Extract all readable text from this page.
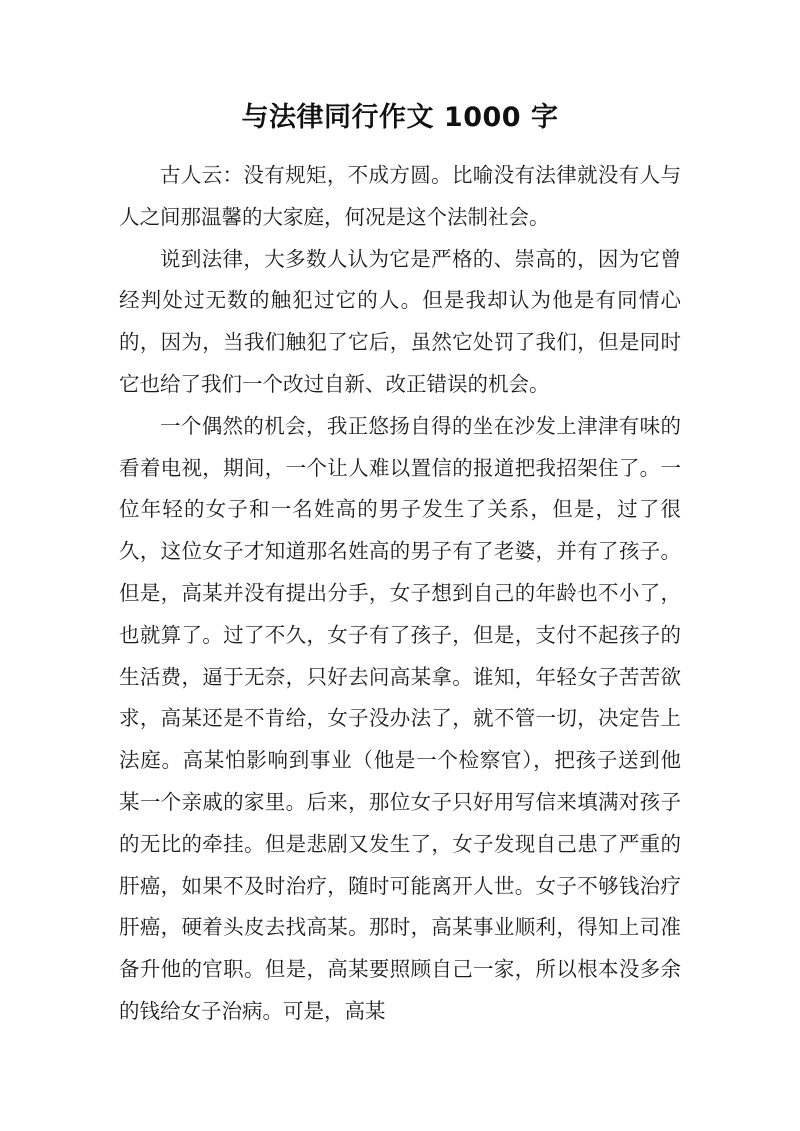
与法律同行作文 1000 字

古人云：没有规矩，不成方圆。比喻没有法律就没有人与人之间那温馨的大家庭，何况是这个法制社会。

说到法律，大多数人认为它是严格的、崇高的，因为它曾经判处过无数的触犯过它的人。但是我却认为他是有同情心的，因为，当我们触犯了它后，虽然它处罚了我们，但是同时它也给了我们一个改过自新、改正错误的机会。

一个偶然的机会，我正悠扬自得的坐在沙发上津津有味的看着电视，期间，一个让人难以置信的报道把我招架住了。一位年轻的女子和一名姓高的男子发生了关系，但是，过了很久，这位女子才知道那名姓高的男子有了老婆，并有了孩子。但是，高某并没有提出分手，女子想到自己的年龄也不小了，也就算了。过了不久，女子有了孩子，但是，支付不起孩子的生活费，逼于无奈，只好去问高某拿。谁知，年轻女子苦苦欲求，高某还是不肯给，女子没办法了，就不管一切，决定告上法庭。高某怕影响到事业（他是一个检察官），把孩子送到他某一个亲戚的家里。后来，那位女子只好用写信来填满对孩子的无比的牵挂。但是悲剧又发生了，女子发现自己患了严重的肝癌，如果不及时治疗，随时可能离开人世。女子不够钱治疗肝癌，硬着头皮去找高某。那时，高某事业顺利，得知上司准备升他的官职。但是，高某要照顾自己一家，所以根本没多余的钱给女子治病。可是，高某
